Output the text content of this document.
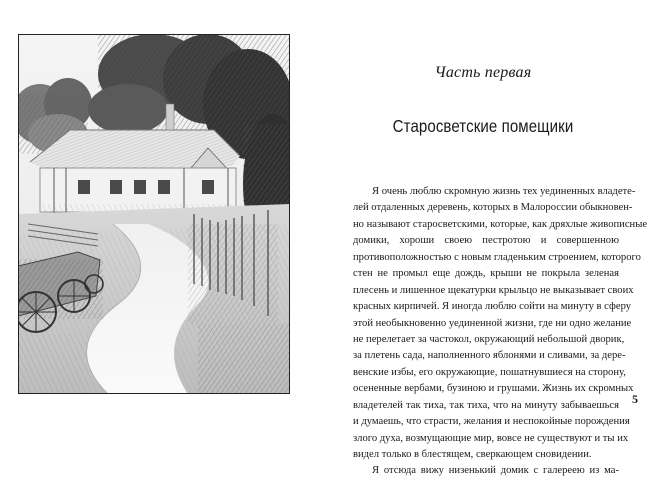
Часть первая
Старосветские помещики
Я очень люблю скромную жизнь тех уединенных владете-
лей отдаленных деревень, которых в Малороссии обыкновен-
но называют старосветскими, которые, как дряхлые живописные
домики, хороши своею пестротою и совершенною
противоположностью с новым гладеньким строением, которого
стен не промыл еще дождь, крыши не покрыла зеленая
плесень и лишенное щекатурки крыльцо не выказывает своих
красных кирпичей. Я иногда люблю сойти на минуту в сферу
этой необыкновенно уединенной жизни, где ни одно желание
не перелетает за частокол, окружающий небольшой дворик,
за плетень сада, наполненного яблонями и сливами, за дере-
венские избы, его окружающие, пошатнувшиеся на сторону,
осененные вербами, бузиною и грушами. Жизнь их скромных
владетелей так тиха, так тиха, что на минуту забываешься
и думаешь, что страсти, желания и неспокойные порождения
злого духа, возмущающие мир, вовсе не существуют и ты их
видел только в блестящем, сверкающем сновидении.
Я отсюда вижу низенький домик с галереею из ма-
5
